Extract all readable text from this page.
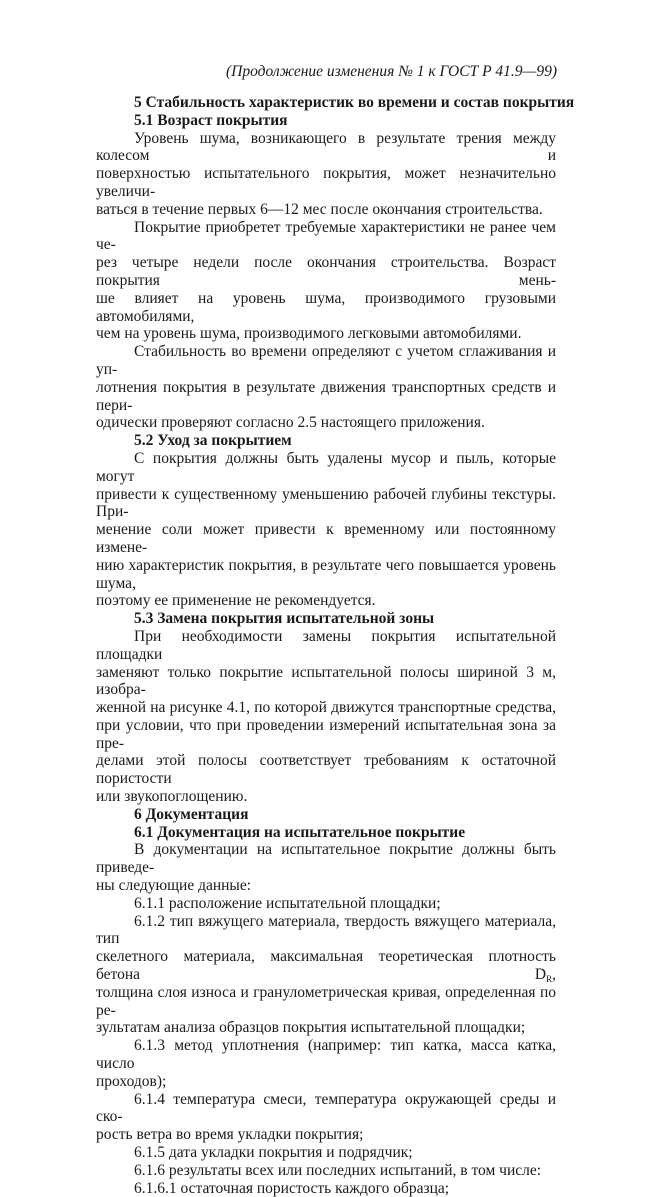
(Продолжение изменения № 1 к ГОСТ Р 41.9—99)

5 Стабильность характеристик во времени и состав покрытия

5.1 Возраст покрытия

Уровень шума, возникающего в результате трения между колесом и

поверхностью испытательного покрытия, может незначительно увеличи-

ваться в течение первых 6—12 мес после окончания строительства.

Покрытие приобретет требуемые характеристики не ранее чем че-

рез четыре недели после окончания строительства. Возраст покрытия мень-

ше влияет на уровень шума, производимого грузовыми автомобилями,

чем на уровень шума, производимого легковыми автомобилями.

Стабильность во времени определяют с учетом сглаживания и уп-

лотнения покрытия в результате движения транспортных средств и пери-

одически проверяют согласно 2.5 настоящего приложения.

5.2 Уход за покрытием

С покрытия должны быть удалены мусор и пыль, которые могут

привести к существенному уменьшению рабочей глубины текстуры. При-

менение соли может привести к временному или постоянному измене-

нию характеристик покрытия, в результате чего повышается уровень шума,

поэтому ее применение не рекомендуется.

5.3 Замена покрытия испытательной зоны

При необходимости замены покрытия испытательной площадки

заменяют только покрытие испытательной полосы шириной 3 м, изобра-

женной на рисунке 4.1, по которой движутся транспортные средства,

при условии, что при проведении измерений испытательная зона за пре-

делами этой полосы соответствует требованиям к остаточной пористости

или звукопоглощению.

6 Документация

6.1 Документация на испытательное покрытие

В документации на испытательное покрытие должны быть приведе-

ны следующие данные:

6.1.1 расположение испытательной площадки;

6.1.2 тип вяжущего материала, твердость вяжущего материала, тип

скелетного материала, максимальная теоретическая плотность бетона $D_R$,

толщина слоя износа и гранулометрическая кривая, определенная по ре-

зультатам анализа образцов покрытия испытательной площадки;

6.1.3 метод уплотнения (например: тип катка, масса катка, число

проходов);

6.1.4 температура смеси, температура окружающей среды и ско-

рость ветра во время укладки покрытия;

6.1.5 дата укладки покрытия и подрядчик;

6.1.6 результаты всех или последних испытаний, в том числе:

6.1.6.1 остаточная пористость каждого образца;
